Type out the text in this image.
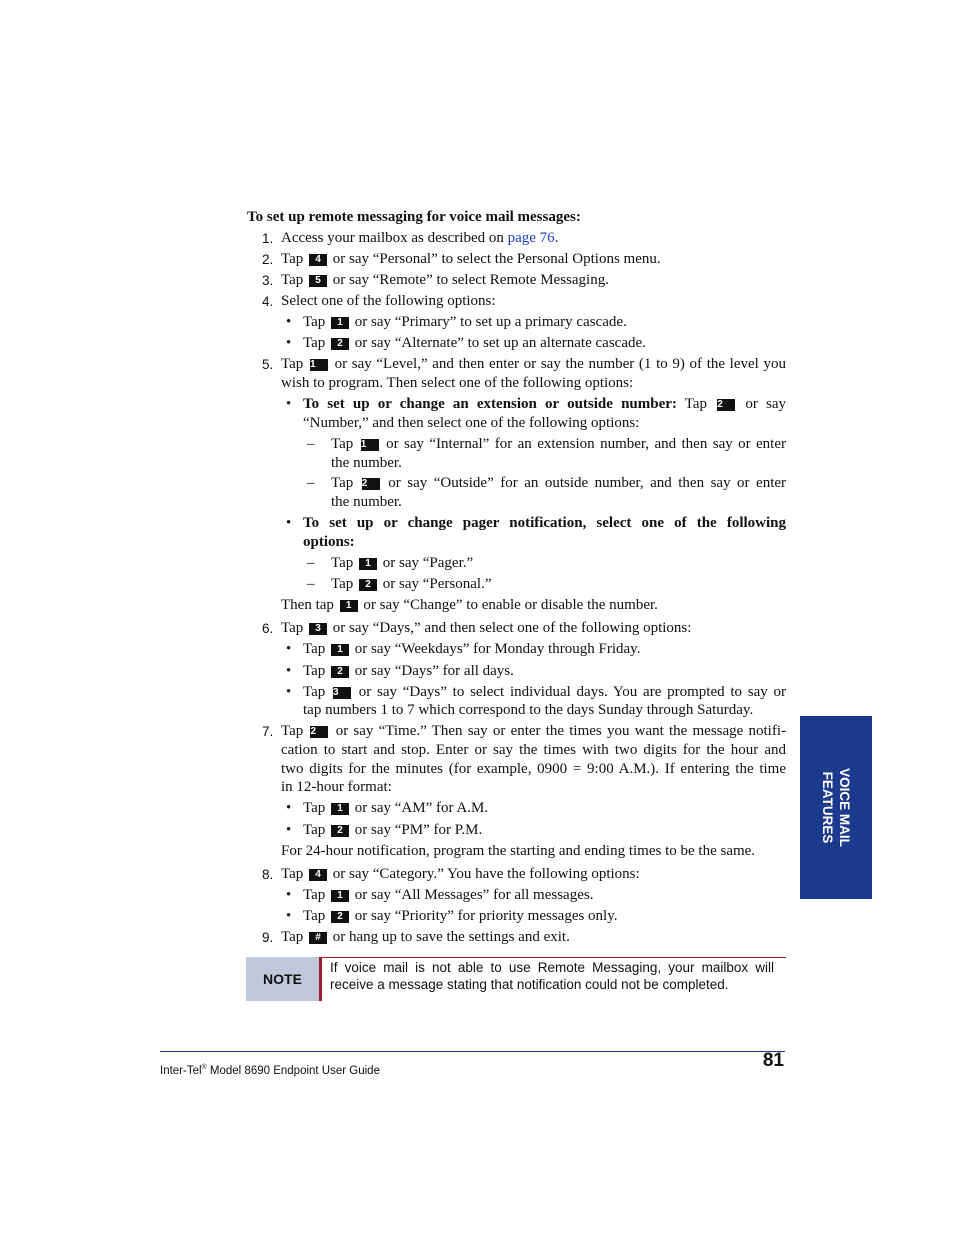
To set up remote messaging for voice mail messages:
1. Access your mailbox as described on page 76.
2. Tap 4 or say “Personal” to select the Personal Options menu.
3. Tap 5 or say “Remote” to select Remote Messaging.
4. Select one of the following options:
• Tap 1 or say “Primary” to set up a primary cascade.
• Tap 2 or say “Alternate” to set up an alternate cascade.
5. Tap 1 or say “Level,” and then enter or say the number (1 to 9) of the level you
wish to program. Then select one of the following options:
• To set up or change an extension or outside number: Tap 2 or say
“Number,” and then select one of the following options:
– Tap 1 or say “Internal” for an extension number, and then say or enter
the number.
– Tap 2 or say “Outside” for an outside number, and then say or enter
the number.
• To set up or change pager notification, select one of the following
options:
– Tap 1 or say “Pager.”
– Tap 2 or say “Personal.”
Then tap 1 or say “Change” to enable or disable the number.
6. Tap 3 or say “Days,” and then select one of the following options:
• Tap 1 or say “Weekdays” for Monday through Friday.
• Tap 2 or say “Days” for all days.
• Tap 3 or say “Days” to select individual days. You are prompted to say or
tap numbers 1 to 7 which correspond to the days Sunday through Saturday.
7. Tap 2 or say “Time.” Then say or enter the times you want the message notifi-
cation to start and stop. Enter or say the times with two digits for the hour and
two digits for the minutes (for example, 0900 = 9:00 A.M.). If entering the time
in 12-hour format:
• Tap 1 or say “AM” for A.M.
• Tap 2 or say “PM” for P.M.
For 24-hour notification, program the starting and ending times to be the same.
8. Tap 4 or say “Category.” You have the following options:
• Tap 1 or say “All Messages” for all messages.
• Tap 2 or say “Priority” for priority messages only.
9. Tap # or hang up to save the settings and exit.
NOTE
If voice mail is not able to use Remote Messaging, your mailbox will receive a message stating that notification could not be completed.
VOICE MAIL
FEATURES
Inter-Tel® Model 8690 Endpoint User Guide	81
